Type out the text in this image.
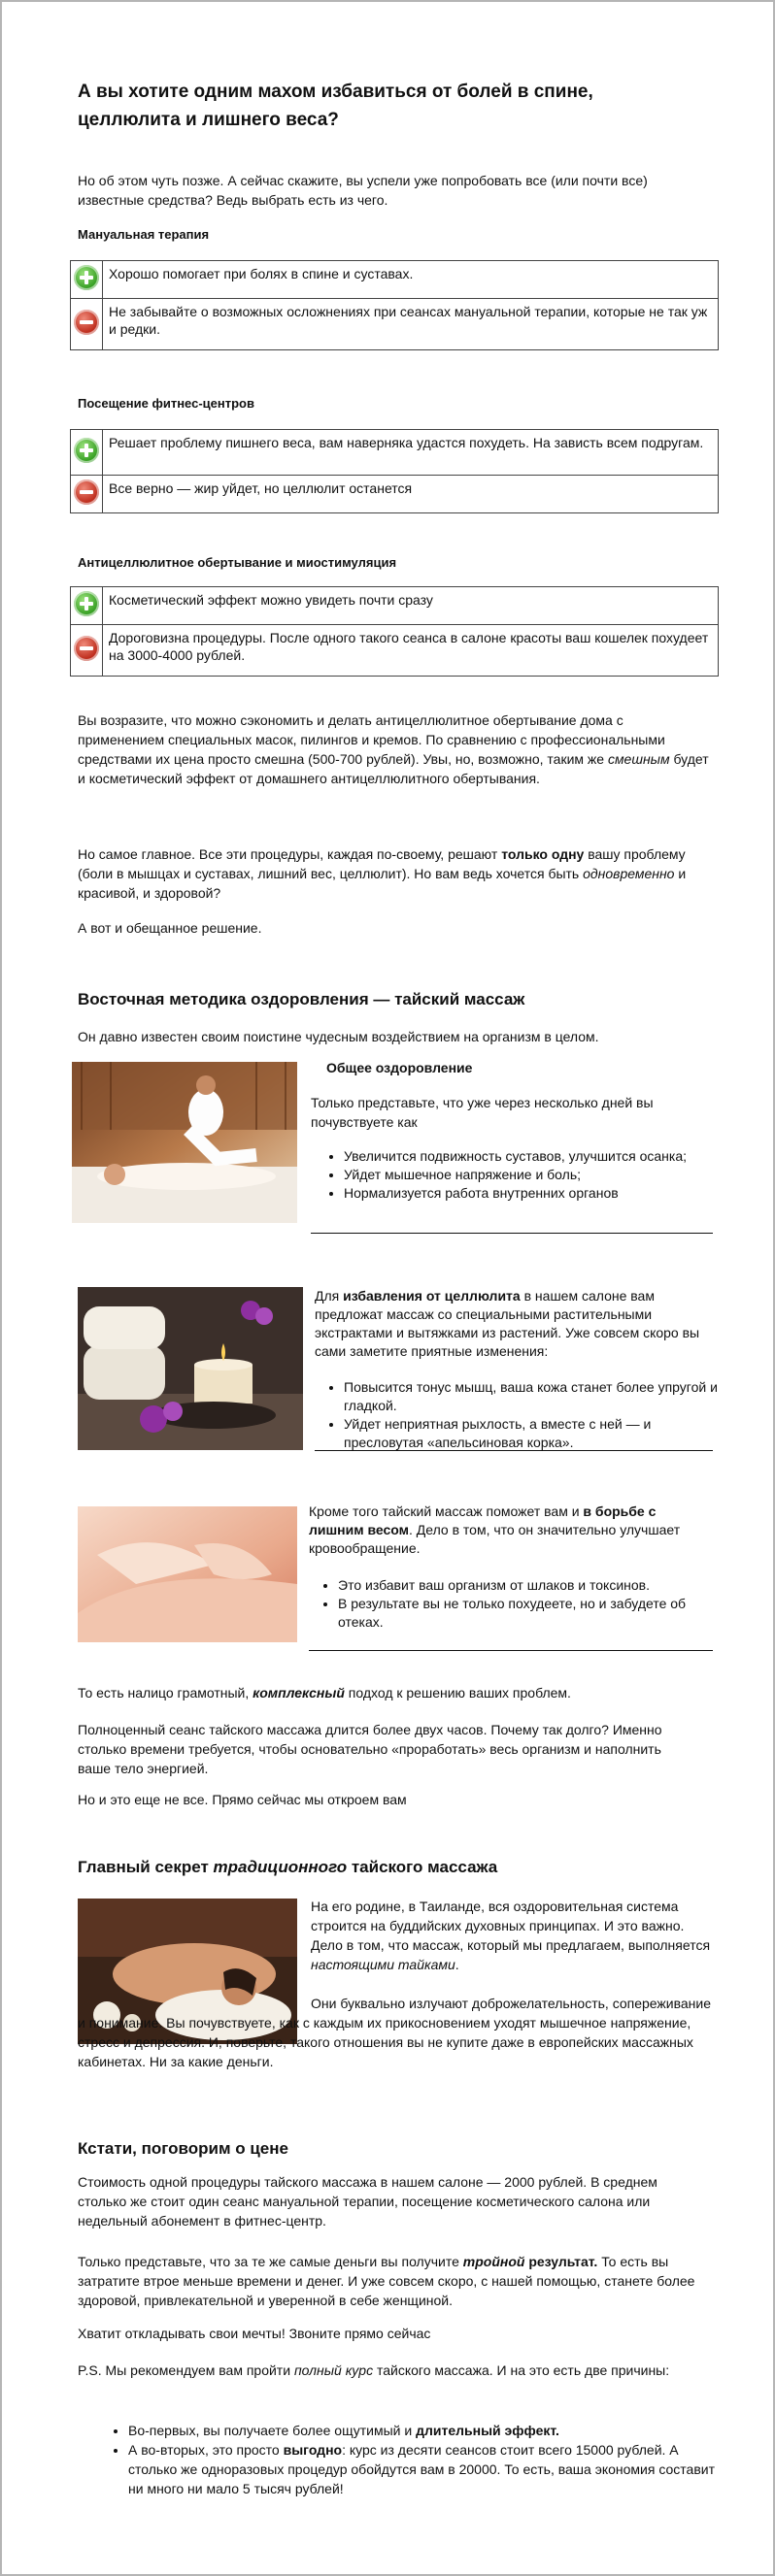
А вы хотите одним махом избавиться от болей в спине, целлюлита и лишнего веса?

Но об этом чуть позже. А сейчас скажите, вы успели уже попробовать все (или почти все) известные средства? Ведь выбрать есть из чего.

Мануальная терапия

	Хорошо помогает при болях в спине и суставах.
	Не забывайте о возможных осложнениях при сеансах мануальной терапии, которые не так уж и редки.

Посещение фитнес-центров

	Решает проблему пишнего веса, вам наверняка удастся похудеть. На зависть всем подругам.
	Все верно — жир уйдет, но целлюлит останется

Антицеллюлитное обертывание и миостимуляция

	Косметический эффект можно увидеть почти сразу
	Дороговизна процедуры. После одного такого сеанса в салоне красоты ваш кошелек похудеет на 3000-4000 рублей.

Вы возразите, что можно сэкономить и делать антицеллюлитное обертывание дома с применением специальных масок, пилингов и кремов. По сравнению с профессиональными средствами их цена просто смешна (500-700 рублей). Увы, но, возможно, таким же смешным будет и косметический эффект от домашнего антицеллюлитного обертывания.

Но самое главное. Все эти процедуры, каждая по-своему, решают только одну вашу проблему (боли в мышцах и суставах, лишний вес, целлюлит). Но вам ведь хочется быть одновременно и красивой, и здоровой?

А вот и обещанное решение.

Восточная методика оздоровления — тайский массаж

Он давно известен своим поистине чудесным воздействием на организм в целом.

Общее оздоровление

Только представьте, что уже через несколько дней вы почувствуете как

• Увеличится подвижность суставов, улучшится осанка;
• Уйдет мышечное напряжение и боль;
• Нормализуется работа внутренних органов

Для избавления от целлюлита в нашем салоне вам предложат массаж со специальными растительными экстрактами и вытяжками из растений. Уже совсем скоро вы сами заметите приятные изменения:

• Повысится тонус мышц, ваша кожа станет более упругой и гладкой.
• Уйдет неприятная рыхлость, а вместе с ней — и пресловутая «апельсиновая корка».

Кроме того тайский массаж поможет вам и в борьбе с лишним весом. Дело в том, что он значительно улучшает кровообращение.

• Это избавит ваш организм от шлаков и токсинов.
• В результате вы не только похудеете, но и забудете об отеках.

То есть налицо грамотный, комплексный подход к решению ваших проблем.

Полноценный сеанс тайского массажа длится более двух часов. Почему так долго? Именно столько времени требуется, чтобы основательно «проработать» весь организм и наполнить ваше тело энергией.

Но и это еще не все. Прямо сейчас мы откроем вам

Главный секрет традиционного тайского массажа

На его родине, в Таиланде, вся оздоровительная система строится на буддийских духовных принципах. И это важно. Дело в том, что массаж, который мы предлагаем, выполняется настоящими тайками.

Они буквально излучают доброжелательность, сопереживание и понимание. Вы почувствуете, как с каждым их прикосновением уходят мышечное напряжение, стресс и депрессия. И, поверьте, такого отношения вы не купите даже в европейских массажных кабинетах. Ни за какие деньги.

Кстати, поговорим о цене

Стоимость одной процедуры тайского массажа в нашем салоне — 2000 рублей. В среднем столько же стоит один сеанс мануальной терапии, посещение косметического салона или недельный абонемент в фитнес-центр.

Только представьте, что за те же самые деньги вы получите тройной результат. То есть вы затратите втрое меньше времени и денег. И уже совсем скоро, с нашей помощью, станете более здоровой, привлекательной и уверенной в себе женщиной.

Хватит откладывать свои мечты! Звоните прямо сейчас

P.S. Мы рекомендуем вам пройти полный курс тайского массажа. И на это есть две причины:

• Во-первых, вы получаете более ощутимый и длительный эффект.
• А во-вторых, это просто выгодно: курс из десяти сеансов стоит всего 15000 рублей. А столько же одноразовых процедур обойдутся вам в 20000. То есть, ваша экономия составит ни много ни мало 5 тысяч рублей!
